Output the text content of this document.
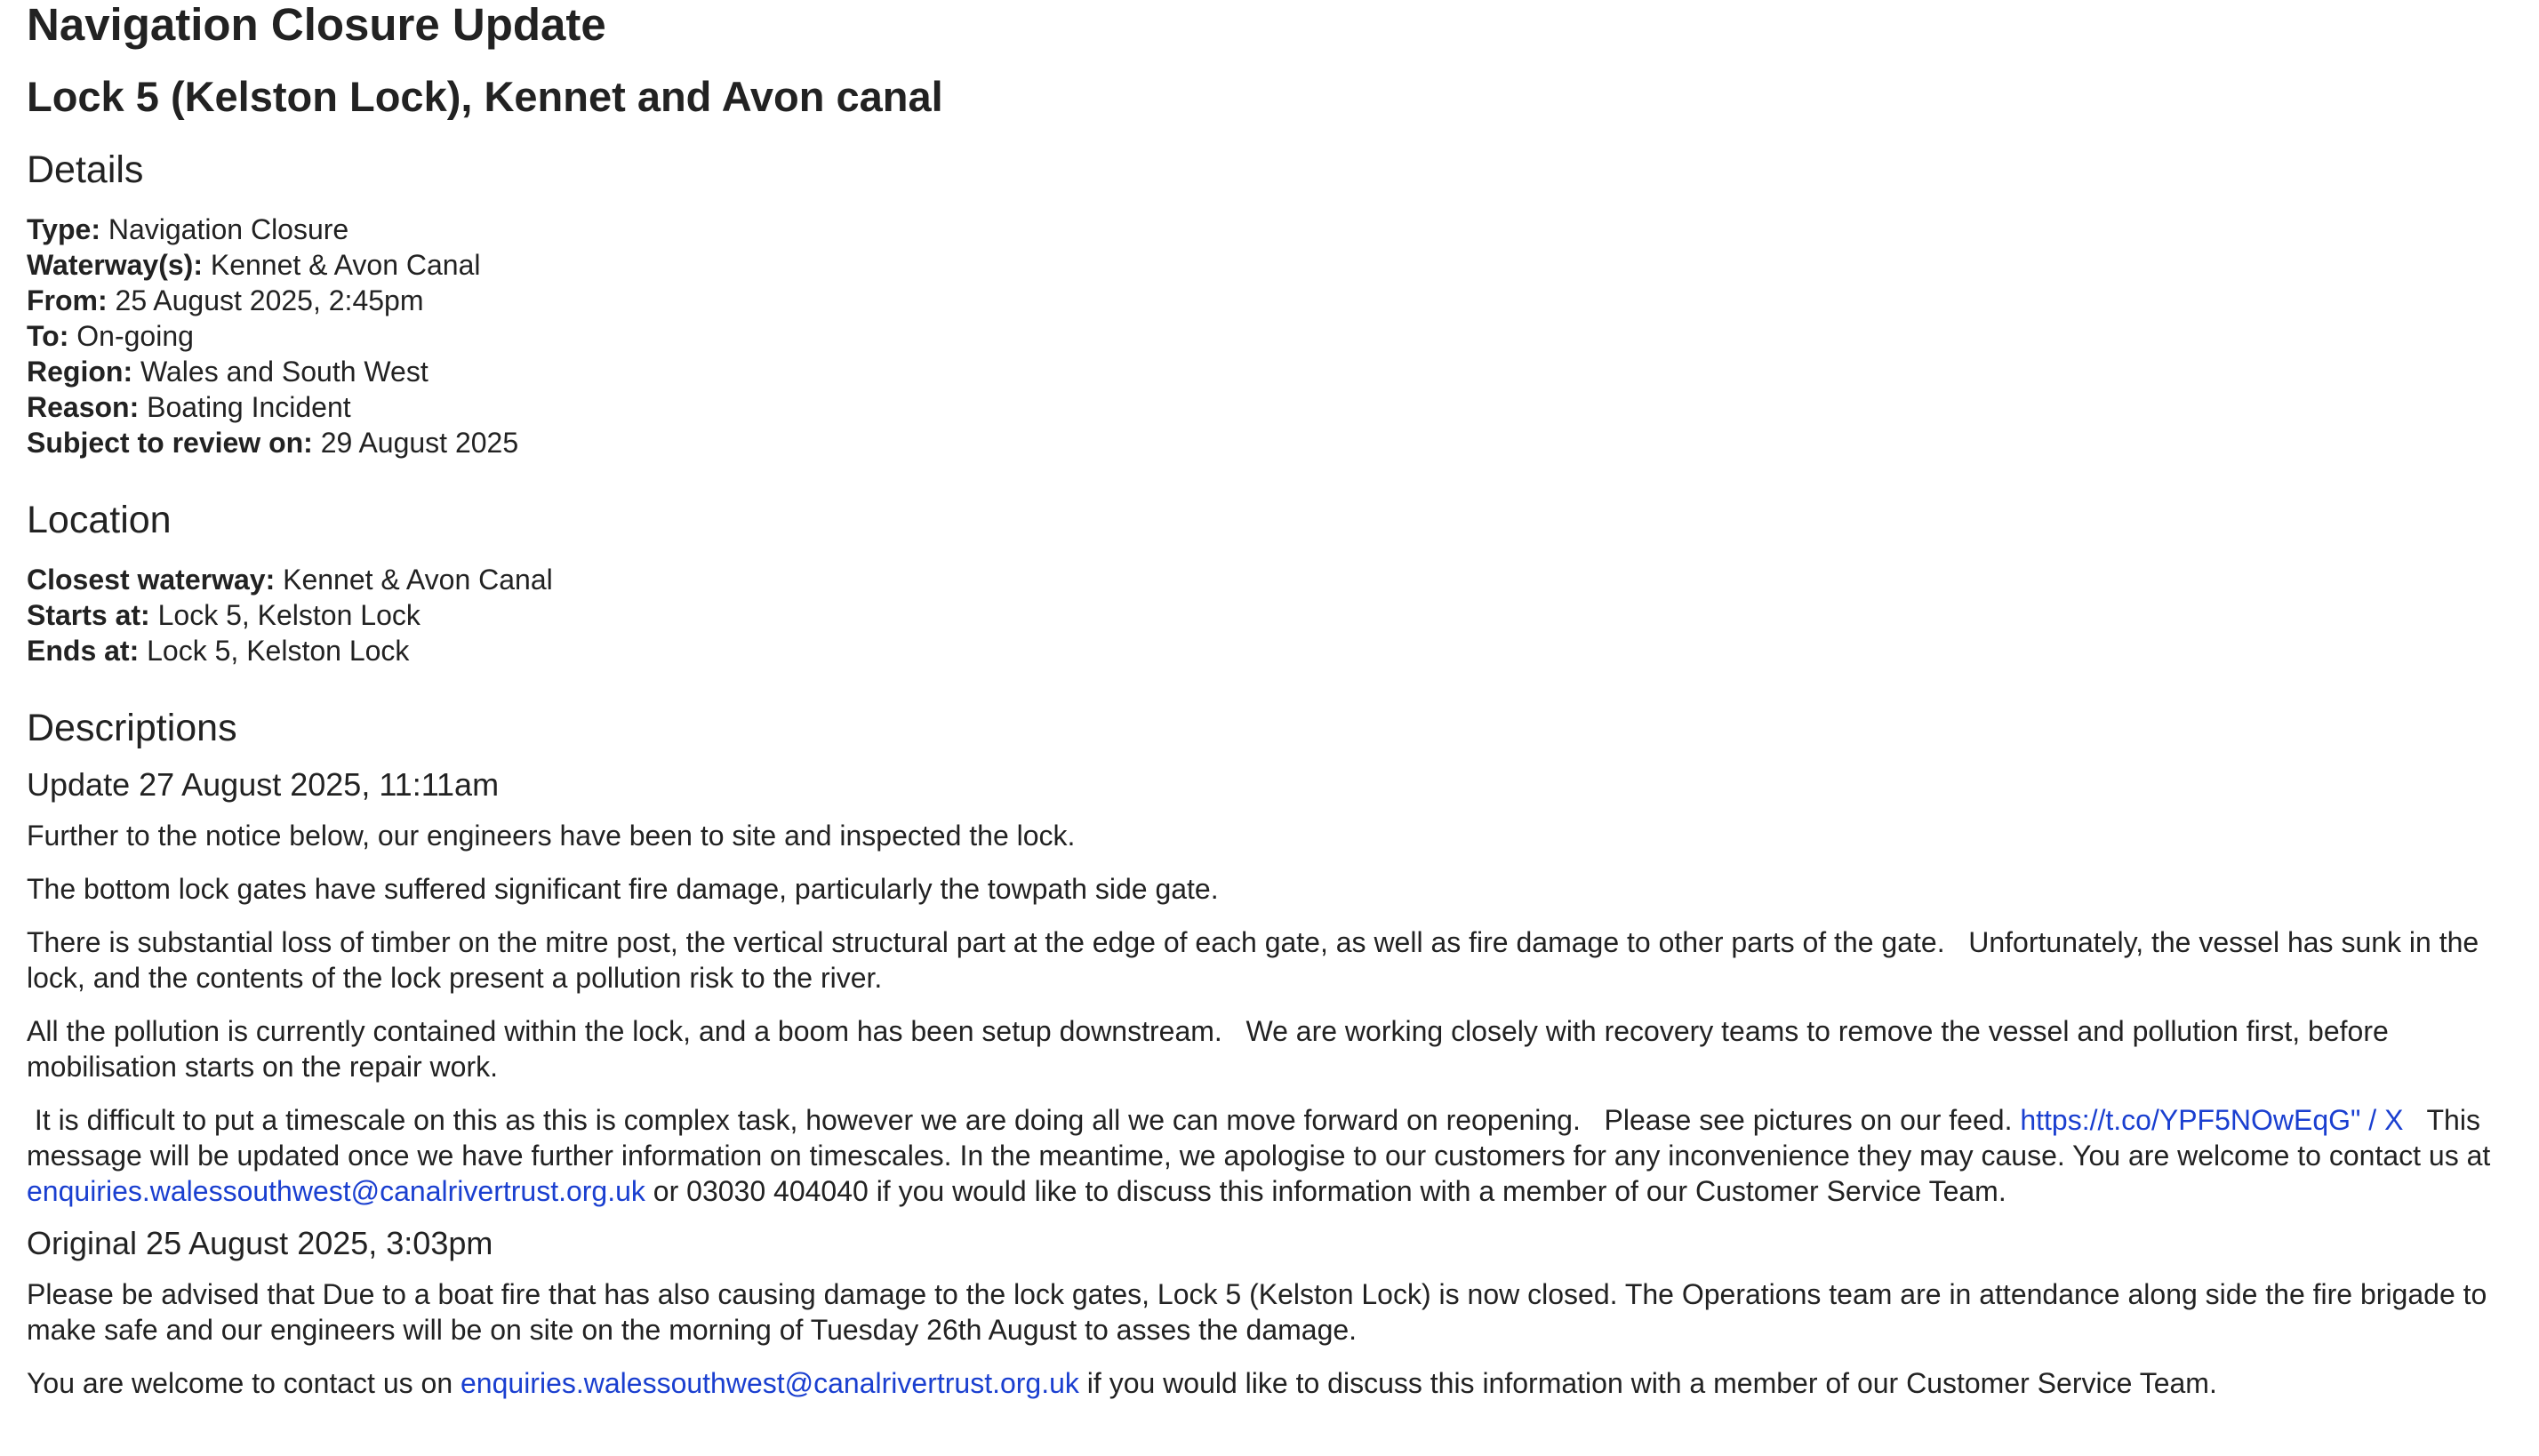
Navigation Closure Update
Lock 5 (Kelston Lock), Kennet and Avon canal
Details
Type: Navigation Closure
Waterway(s): Kennet & Avon Canal
From: 25 August 2025, 2:45pm
To: On-going
Region: Wales and South West
Reason: Boating Incident
Subject to review on: 29 August 2025
Location
Closest waterway: Kennet & Avon Canal
Starts at: Lock 5, Kelston Lock
Ends at: Lock 5, Kelston Lock
Descriptions
Update 27 August 2025, 11:11am

Further to the notice below, our engineers have been to site and inspected the lock.

The bottom lock gates have suffered significant fire damage, particularly the towpath side gate.

There is substantial loss of timber on the mitre post, the vertical structural part at the edge of each gate, as well as fire damage to other parts of the gate.   Unfortunately, the vessel has sunk in the lock, and the contents of the lock present a pollution risk to the river.

All the pollution is currently contained within the lock, and a boom has been setup downstream.   We are working closely with recovery teams to remove the vessel and pollution first, before mobilisation starts on the repair work.

It is difficult to put a timescale on this as this is complex task, however we are doing all we can move forward on reopening.   Please see pictures on our feed. https://t.co/YPF5NOwEqG" / X   This message will be updated once we have further information on timescales. In the meantime, we apologise to our customers for any inconvenience they may cause. You are welcome to contact us at enquiries.walessouthwest@canalrivertrust.org.uk or 03030 404040 if you would like to discuss this information with a member of our Customer Service Team.

Original 25 August 2025, 3:03pm

Please be advised that Due to a boat fire that has also causing damage to the lock gates, Lock 5 (Kelston Lock) is now closed. The Operations team are in attendance along side the fire brigade to make safe and our engineers will be on site on the morning of Tuesday 26th August to asses the damage.

You are welcome to contact us on enquiries.walessouthwest@canalrivertrust.org.uk if you would like to discuss this information with a member of our Customer Service Team.
